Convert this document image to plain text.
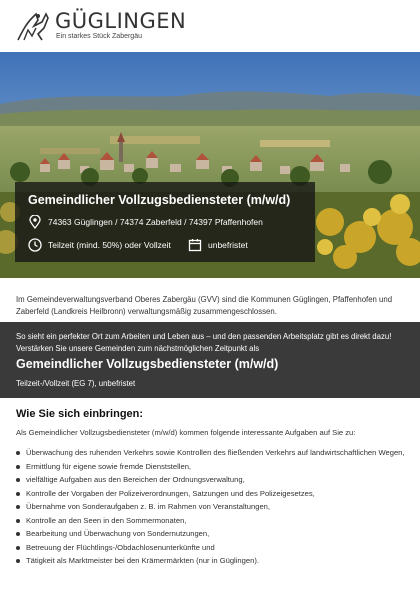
GÜGLINGEN
Ein starkes Stück Zabergäu
Gemeindlicher Vollzugsbediensteter (m/w/d)
74363 Güglingen / 74374 Zaberfeld / 74397 Pfaffenhofen
Teilzeit (mind. 50%) oder Vollzeit	unbefristet

Im Gemeindeverwaltungsverband Oberes Zabergäu (GVV) sind die Kommunen Güglingen, Pfaffenhofen und Zaberfeld (Landkreis Heilbronn) verwaltungsmäßig zusammengeschlossen.

So sieht ein perfekter Ort zum Arbeiten und Leben aus – und den passenden Arbeitsplatz gibt es direkt dazu! Verstärken Sie unsere Gemeinden zum nächstmöglichen Zeitpunkt als

Gemeindlicher Vollzugsbediensteter (m/w/d)
Teilzeit-/Vollzeit (EG 7), unbefristet
Wie Sie sich einbringen:

Als Gemeindlicher Vollzugsbediensteter (m/w/d) kommen folgende interessante Aufgaben auf Sie zu:

Überwachung des ruhenden Verkehrs sowie Kontrollen des fließenden Verkehrs auf landwirtschaftlichen Wegen,
Ermittlung für eigene sowie fremde Dienststellen,
vielfältige Aufgaben aus den Bereichen der Ordnungsverwaltung,
Kontrolle der Vorgaben der Polizeiverordnungen, Satzungen und des Polizeigesetzes,
Übernahme von Sonderaufgaben z. B. im Rahmen von Veranstaltungen,
Kontrolle an den Seen in den Sommermonaten,
Bearbeitung und Überwachung von Sondernutzungen,
Betreuung der Flüchtlings-/Obdachlosenunterkünfte und
Tätigkeit als Marktmeister bei den Krämermärkten (nur in Güglingen).
